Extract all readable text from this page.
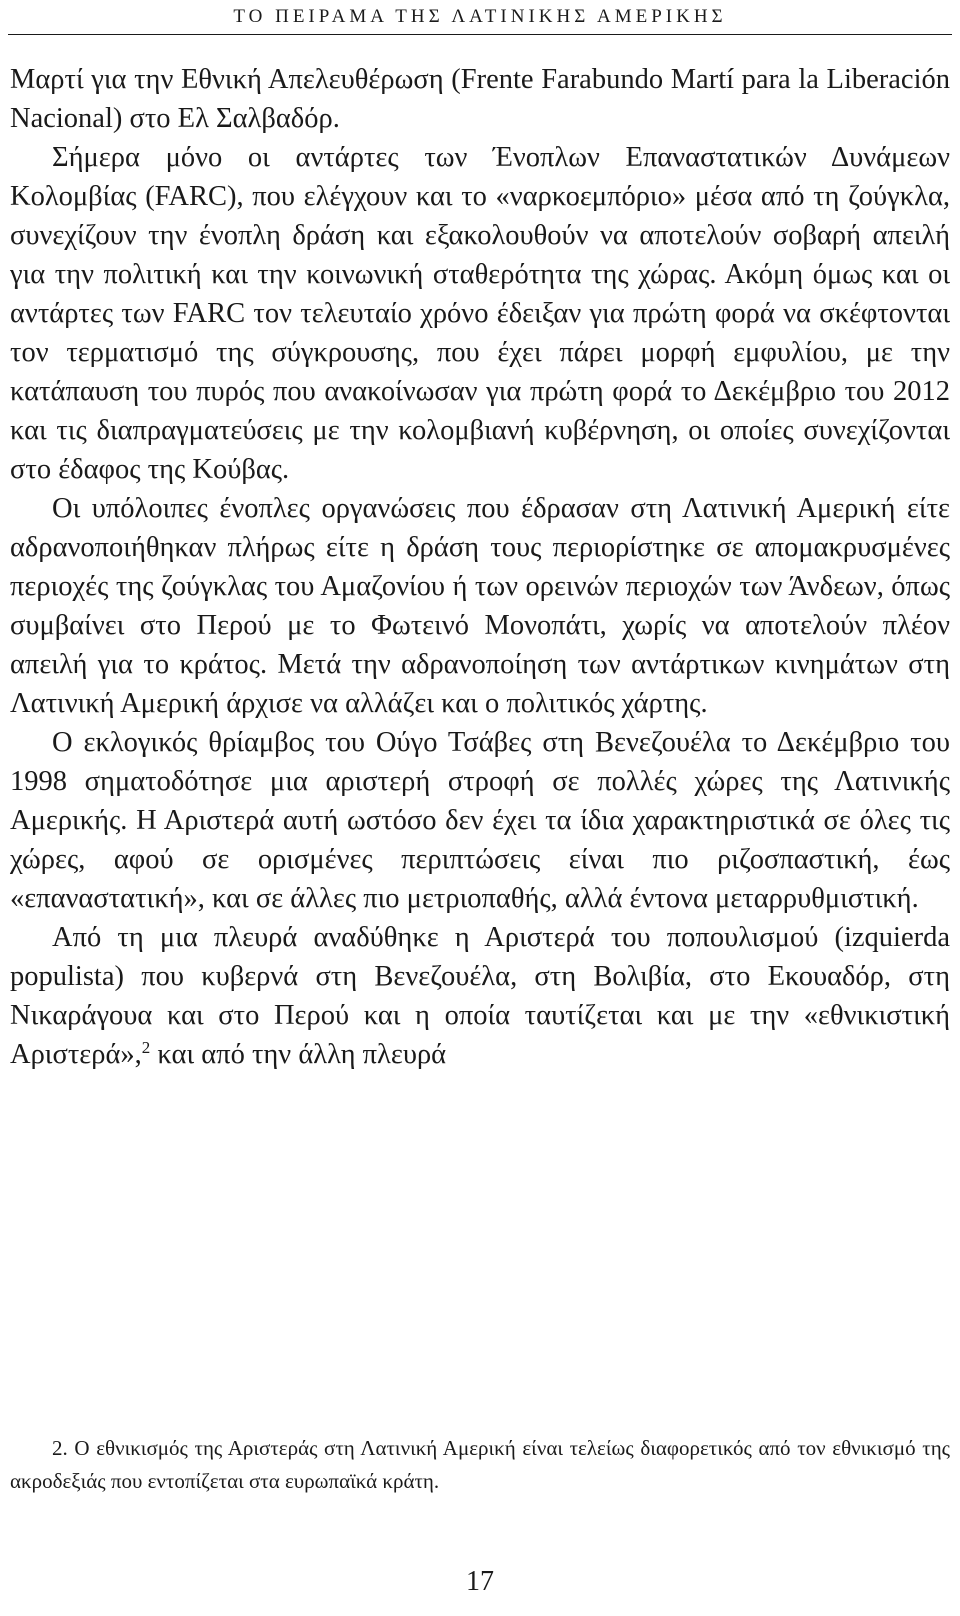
ΤΟ ΠΕΙΡΑΜΑ ΤΗΣ ΛΑΤΙΝΙΚΗΣ ΑΜΕΡΙΚΗΣ

Μαρτί για την Εθνική Απελευθέρωση (Frente Farabundo Martí para la Liberación Nacional) στο Ελ Σαλβαδόρ.

Σήμερα μόνο οι αντάρτες των Ένοπλων Επαναστατικών Δυνάμεων Κολομβίας (FARC), που ελέγχουν και το «ναρκοεμπόριο» μέσα από τη ζούγκλα, συνεχίζουν την ένοπλη δράση και εξακολουθούν να αποτελούν σοβαρή απειλή για την πολιτική και την κοινωνική σταθερότητα της χώρας. Ακόμη όμως και οι αντάρτες των FARC τον τελευταίο χρόνο έδειξαν για πρώτη φορά να σκέφτονται τον τερματισμό της σύγκρουσης, που έχει πάρει μορφή εμφυλίου, με την κατάπαυση του πυρός που ανακοίνωσαν για πρώτη φορά το Δεκέμβριο του 2012 και τις διαπραγματεύσεις με την κολομβιανή κυβέρνηση, οι οποίες συνεχίζονται στο έδαφος της Κούβας.

Οι υπόλοιπες ένοπλες οργανώσεις που έδρασαν στη Λατινική Αμερική είτε αδρανοποιήθηκαν πλήρως είτε η δράση τους περιορίστηκε σε απομακρυσμένες περιοχές της ζούγκλας του Αμαζονίου ή των ορεινών περιοχών των Άνδεων, όπως συμβαίνει στο Περού με το Φωτεινό Μονοπάτι, χωρίς να αποτελούν πλέον απειλή για το κράτος. Μετά την αδρανοποίηση των αντάρτικων κινημάτων στη Λατινική Αμερική άρχισε να αλλάζει και ο πολιτικός χάρτης.

Ο εκλογικός θρίαμβος του Ούγο Τσάβες στη Βενεζουέλα το Δεκέμβριο του 1998 σηματοδότησε μια αριστερή στροφή σε πολλές χώρες της Λατινικής Αμερικής. Η Αριστερά αυτή ωστόσο δεν έχει τα ίδια χαρακτηριστικά σε όλες τις χώρες, αφού σε ορισμένες περιπτώσεις είναι πιο ριζοσπαστική, έως «επαναστατική», και σε άλλες πιο μετριοπαθής, αλλά έντονα μεταρρυθμιστική.

Από τη μια πλευρά αναδύθηκε η Αριστερά του ποπουλισμού (izquierda populista) που κυβερνά στη Βενεζουέλα, στη Βολιβία, στο Εκουαδόρ, στη Νικαράγουα και στο Περού και η οποία ταυτίζεται και με την «εθνικιστική Αριστερά»,$^2$ και από την άλλη πλευρά

2. Ο εθνικισμός της Αριστεράς στη Λατινική Αμερική είναι τελείως διαφορετικός από τον εθνικισμό της ακροδεξιάς που εντοπίζεται στα ευρωπαϊκά κράτη.

17
